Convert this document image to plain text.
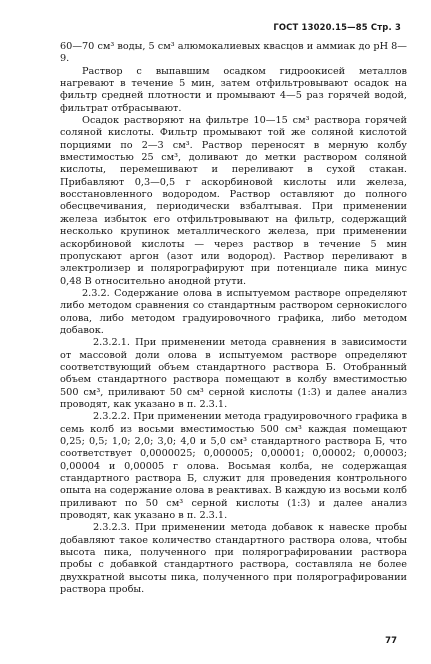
ГОСТ 13020.15—85 Стр. 3

60—70 см³ воды, 5 см³ алюмокалиевых квасцов и аммиак до pH 8—9.

Раствор с выпавшим осадком гидроокисей металлов нагревают в течение 5 мин, затем отфильтровывают осадок на фильтр средней плотности и промывают 4—5 раз горячей водой, фильтрат отбрасывают.

Осадок растворяют на фильтре 10—15 см³ раствора горячей соляной кислоты. Фильтр промывают той же соляной кислотой порциями по 2—3 см³. Раствор переносят в мерную колбу вместимостью 25 см³, доливают до метки раствором соляной кислоты, перемешивают и переливают в сухой стакан. Прибавляют 0,3—0,5 г аскорбиновой кислоты или железа, восстановленного водородом. Раствор оставляют до полного обесцвечивания, периодически взбалтывая. При применении железа избыток его отфильтровывают на фильтр, содержащий несколько крупинок металлического железа, при применении аскорбиновой кислоты — через раствор в течение 5 мин пропускают аргон (азот или водород). Раствор переливают в электролизер и полярографируют при потенциале пика минус 0,48 В относительно анодной ртути.

2.3.2. Содержание олова в испытуемом растворе определяют либо методом сравнения со стандартным раствором сернокислого олова, либо методом градуировочного графика, либо методом добавок.

2.3.2.1. При применении метода сравнения в зависимости от массовой доли олова в испытуемом растворе определяют соответствующий объем стандартного раствора Б. Отобранный объем стандартного раствора помещают в колбу вместимостью 500 см³, приливают 50 см³ серной кислоты (1:3) и далее анализ проводят, как указано в п. 2.3.1.

2.3.2.2. При применении метода градуировочного графика в семь колб из восьми вместимостью 500 см³ каждая помещают 0,25; 0,5; 1,0; 2,0; 3,0; 4,0 и 5,0 см³ стандартного раствора Б, что соответствует 0,0000025; 0,000005; 0,00001; 0,00002; 0,00003; 0,00004 и 0,00005 г олова. Восьмая колба, не содержащая стандартного раствора Б, служит для проведения контрольного опыта на содержание олова в реактивах. В каждую из восьми колб приливают по 50 см³ серной кислоты (1:3) и далее анализ проводят, как указано в п. 2.3.1.

2.3.2.3. При применении метода добавок к навеске пробы добавляют такое количество стандартного раствора олова, чтобы высота пика, полученного при полярографировании раствора пробы с добавкой стандартного раствора, составляла не более двухкратной высоты пика, полученного при полярографировании раствора пробы.

77
